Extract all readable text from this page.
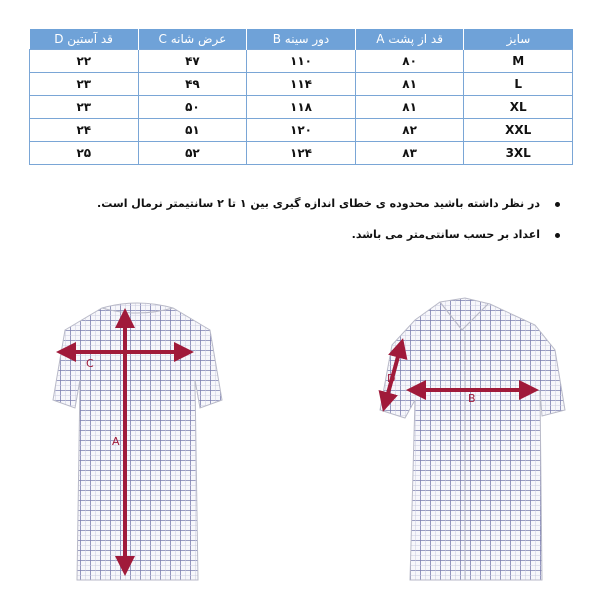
سایز	قد از پشت A	دور سینه B	عرض شانه C	قد آستین D
M	۸۰	۱۱۰	۴۷	۲۲
L	۸۱	۱۱۴	۴۹	۲۳
XL	۸۱	۱۱۸	۵۰	۲۳
XXL	۸۲	۱۲۰	۵۱	۲۴
3XL	۸۳	۱۲۴	۵۲	۲۵
در نظر داشته باشید محدوده ی خطای اندازه گیری بین ۱ تا ۲ سانتیمتر نرمال است.
اعداد بر حسب سانتی‌متر می باشد.
A
C
B
D
